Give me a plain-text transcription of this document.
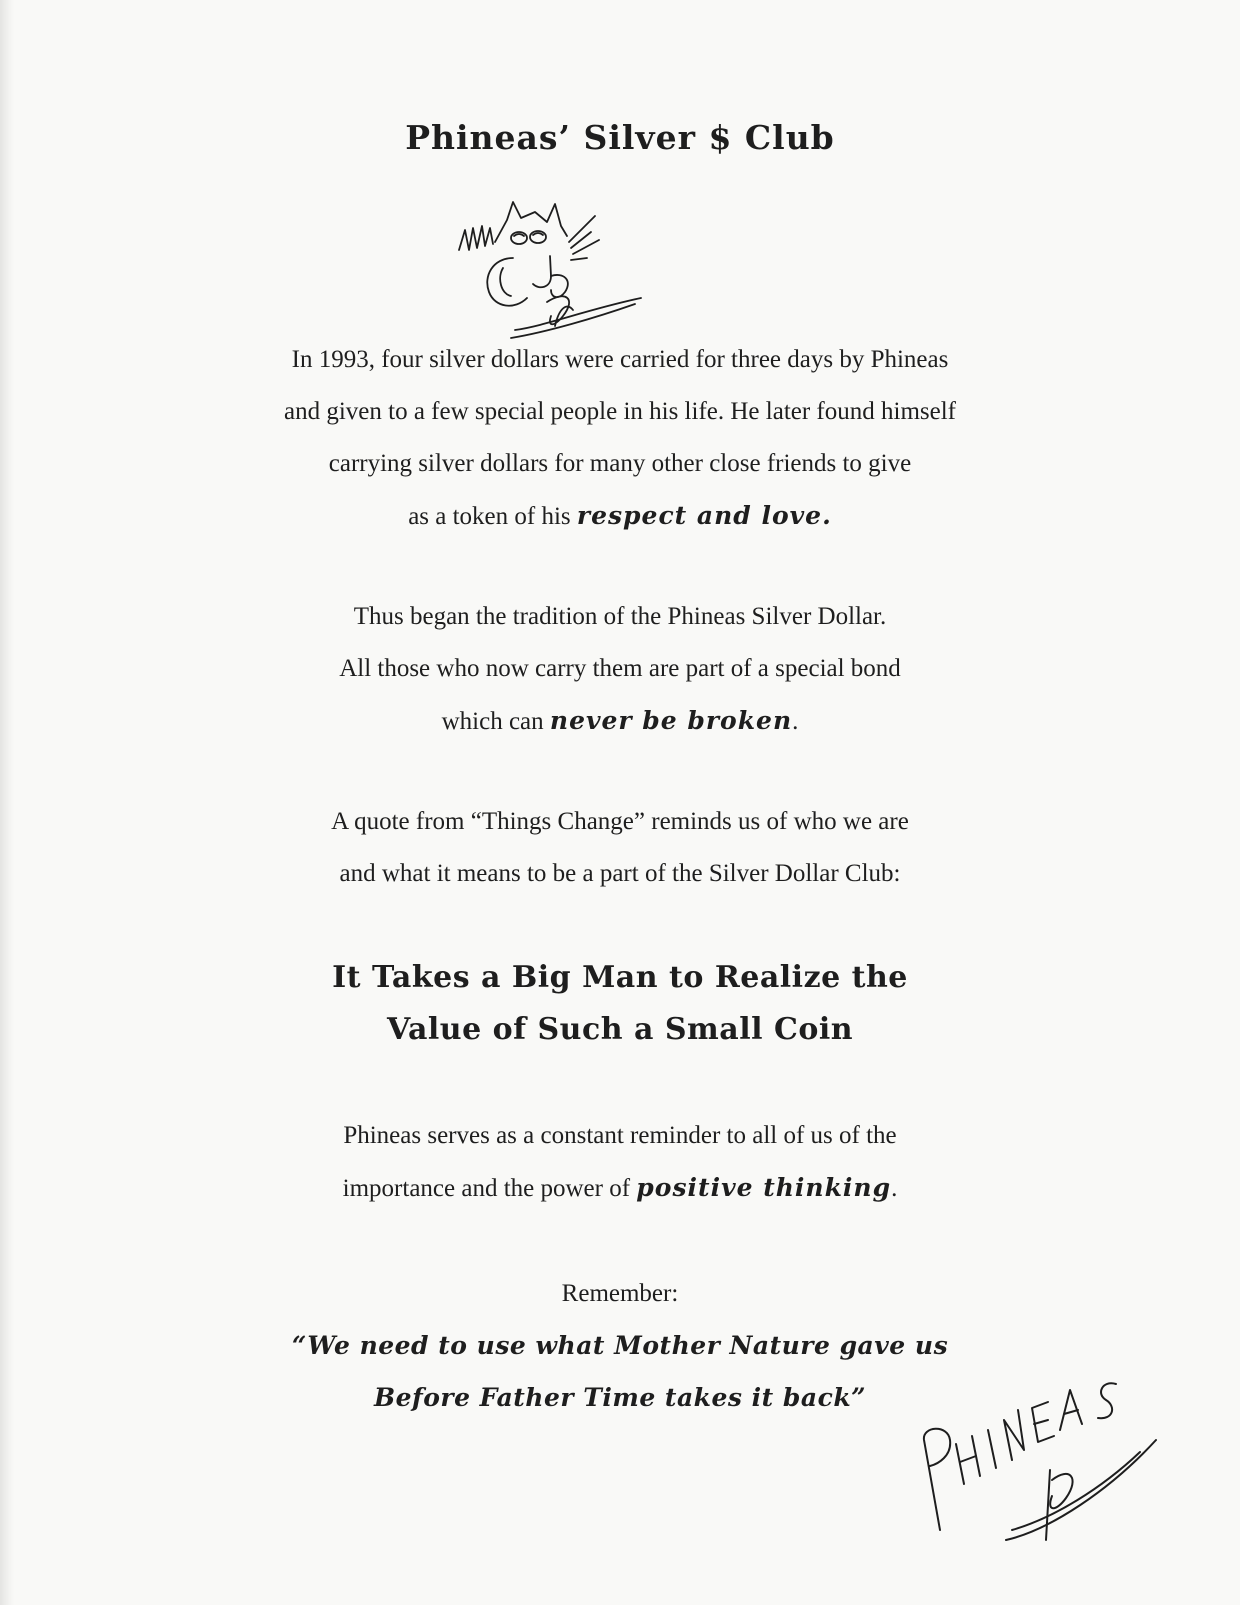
Phineas’ Silver $ Club

In 1993, four silver dollars were carried for three days by Phineas

and given to a few special people in his life. He later found himself

carrying silver dollars for many other close friends to give

as a token of his respect and love.

Thus began the tradition of the Phineas Silver Dollar.

All those who now carry them are part of a special bond

which can never be broken.

A quote from “Things Change” reminds us of who we are

and what it means to be a part of the Silver Dollar Club:

It Takes a Big Man to Realize the

Value of Such a Small Coin

Phineas serves as a constant reminder to all of us of the

importance and the power of positive thinking.

Remember:

“We need to use what Mother Nature gave us

Before Father Time takes it back”
